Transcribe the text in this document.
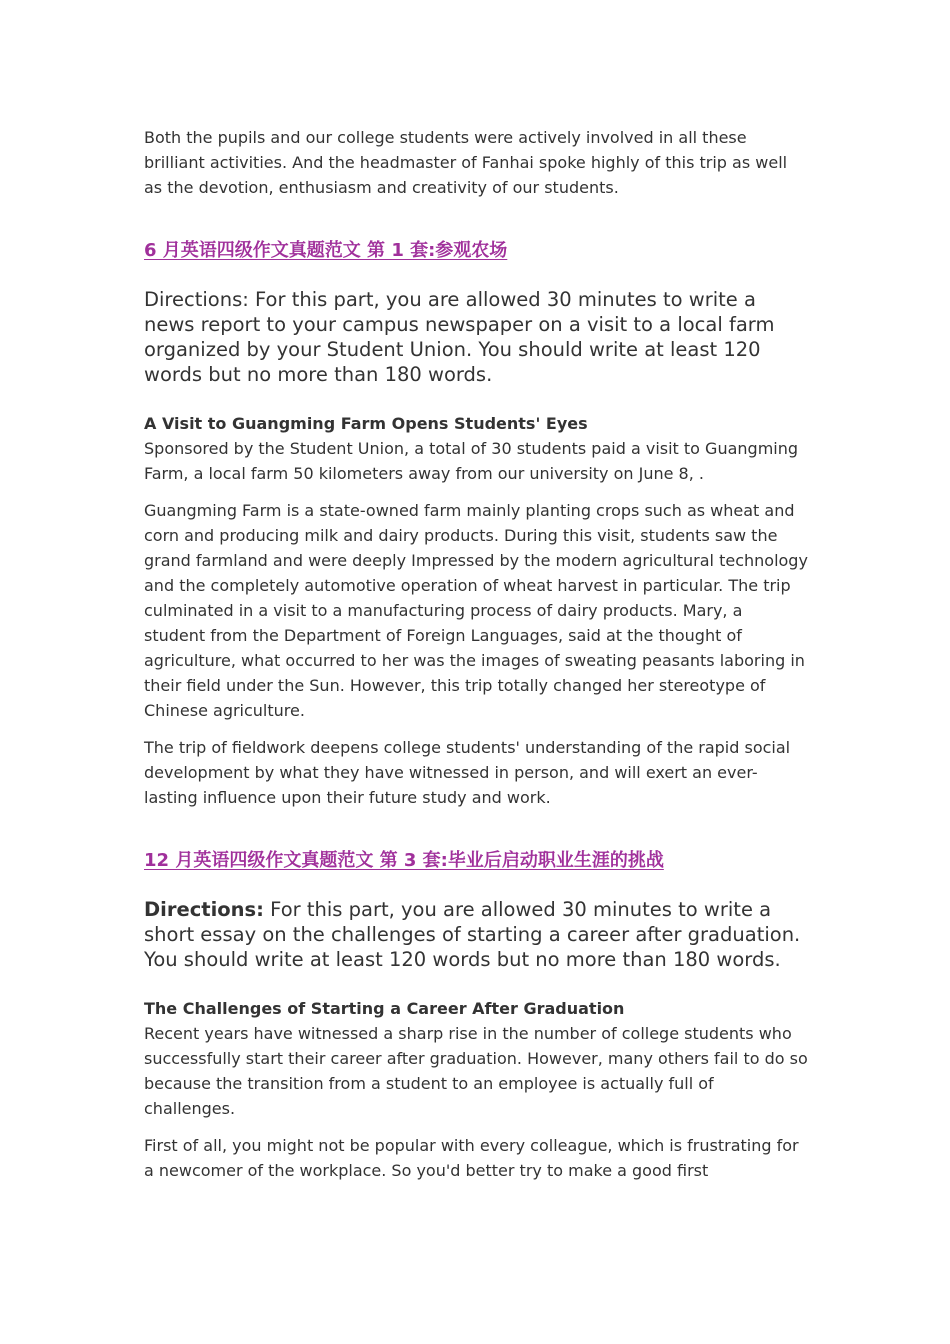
Both the pupils and our college students were actively involved in all these brilliant activities. And the headmaster of Fanhai spoke highly of this trip as well as the devotion, enthusiasm and creativity of our students.

6 月英语四级作文真题范文 第 1 套:参观农场

Directions: For this part, you are allowed 30 minutes to write a news report to your campus newspaper on a visit to a local farm organized by your Student Union. You should write at least 120 words but no more than 180 words.

A Visit to Guangming Farm Opens Students' Eyes

Sponsored by the Student Union, a total of 30 students paid a visit to Guangming Farm, a local farm 50 kilometers away from our university on June 8, .

Guangming Farm is a state-owned farm mainly planting crops such as wheat and corn and producing milk and dairy products. During this visit, students saw the grand farmland and were deeply Impressed by the modern agricultural technology and the completely automotive operation of wheat harvest in particular. The trip culminated in a visit to a manufacturing process of dairy products. Mary, a student from the Department of Foreign Languages, said at the thought of agriculture, what occurred to her was the images of sweating peasants laboring in their field under the Sun. However, this trip totally changed her stereotype of Chinese agriculture.

The trip of fieldwork deepens college students' understanding of the rapid social development by what they have witnessed in person, and will exert an ever-lasting influence upon their future study and work.

12 月英语四级作文真题范文 第 3 套:毕业后启动职业生涯的挑战

Directions: For this part, you are allowed 30 minutes to write a short essay on the challenges of starting a career after graduation. You should write at least 120 words but no more than 180 words.

The Challenges of Starting a Career After Graduation

Recent years have witnessed a sharp rise in the number of college students who successfully start their career after graduation. However, many others fail to do so because the transition from a student to an employee is actually full of challenges.

First of all, you might not be popular with every colleague, which is frustrating for a newcomer of the workplace. So you'd better try to make a good first
